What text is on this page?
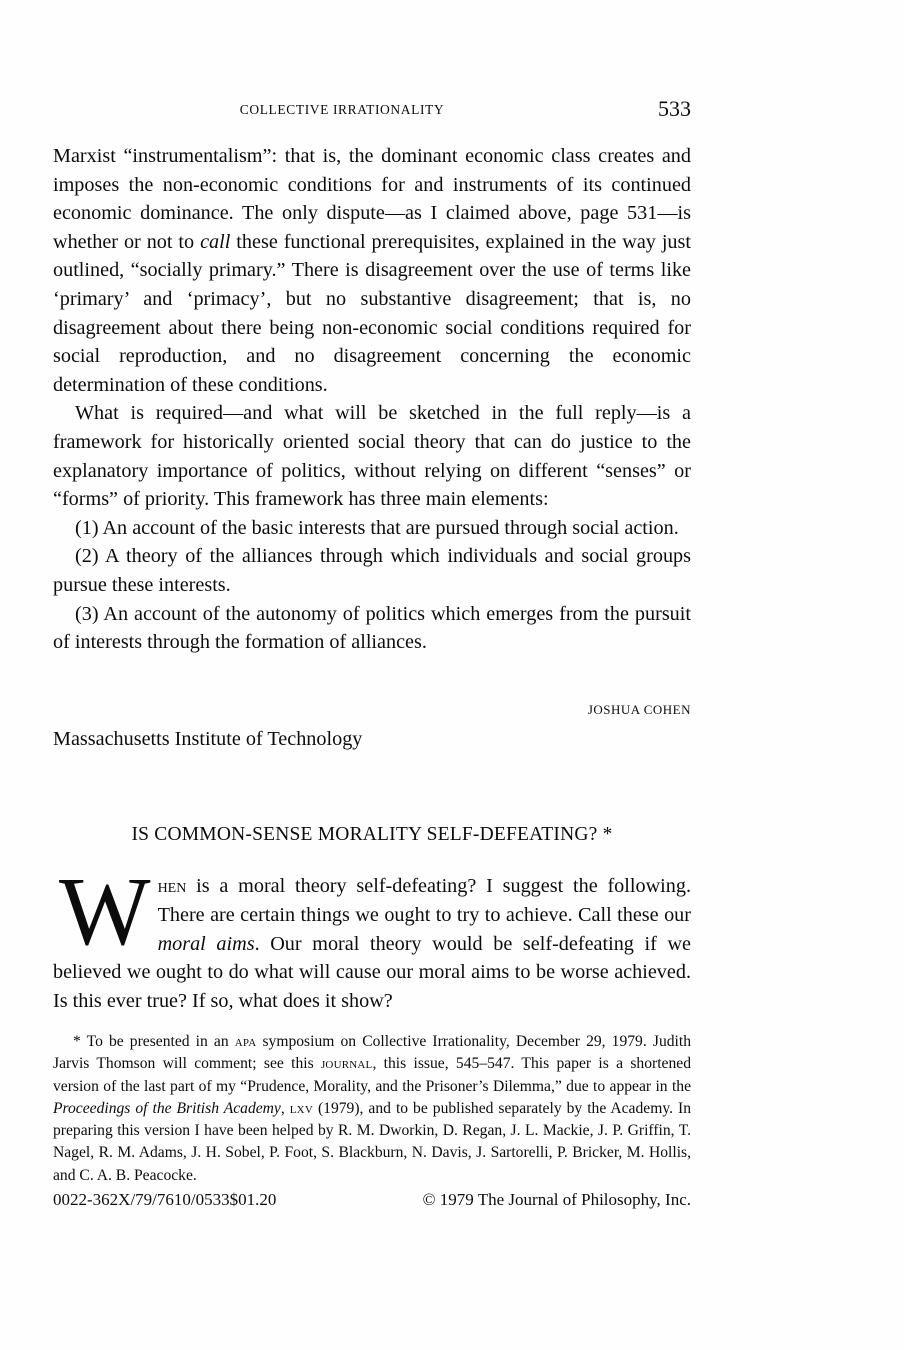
COLLECTIVE IRRATIONALITY	533

Marxist “instrumentalism”: that is, the dominant economic class creates and imposes the non-economic conditions for and instruments of its continued economic dominance. The only dispute—as I claimed above, page 531—is whether or not to call these functional prerequisites, explained in the way just outlined, “socially primary.” There is disagreement over the use of terms like ‘primary’ and ‘primacy’, but no substantive disagreement; that is, no disagreement about there being non-economic social conditions required for social reproduction, and no disagreement concerning the economic determination of these conditions.

What is required—and what will be sketched in the full reply—is a framework for historically oriented social theory that can do justice to the explanatory importance of politics, without relying on different “senses” or “forms” of priority. This framework has three main elements:

(1) An account of the basic interests that are pursued through social action.

(2) A theory of the alliances through which individuals and social groups pursue these interests.

(3) An account of the autonomy of politics which emerges from the pursuit of interests through the formation of alliances.

JOSHUA COHEN
Massachusetts Institute of Technology
IS COMMON-SENSE MORALITY SELF-DEFEATING? *
When is a moral theory self-defeating? I suggest the following. There are certain things we ought to try to achieve. Call these our moral aims. Our moral theory would be self-defeating if we believed we ought to do what will cause our moral aims to be worse achieved. Is this ever true? If so, what does it show?

* To be presented in an apa symposium on Collective Irrationality, December 29, 1979. Judith Jarvis Thomson will comment; see this journal, this issue, 545–547. This paper is a shortened version of the last part of my “Prudence, Morality, and the Prisoner’s Dilemma,” due to appear in the Proceedings of the British Academy, lxv (1979), and to be published separately by the Academy. In preparing this version I have been helped by R. M. Dworkin, D. Regan, J. L. Mackie, J. P. Griffin, T. Nagel, R. M. Adams, J. H. Sobel, P. Foot, S. Blackburn, N. Davis, J. Sartorelli, P. Bricker, M. Hollis, and C. A. B. Peacocke.

0022-362X/79/7610/0533$01.20	© 1979 The Journal of Philosophy, Inc.
